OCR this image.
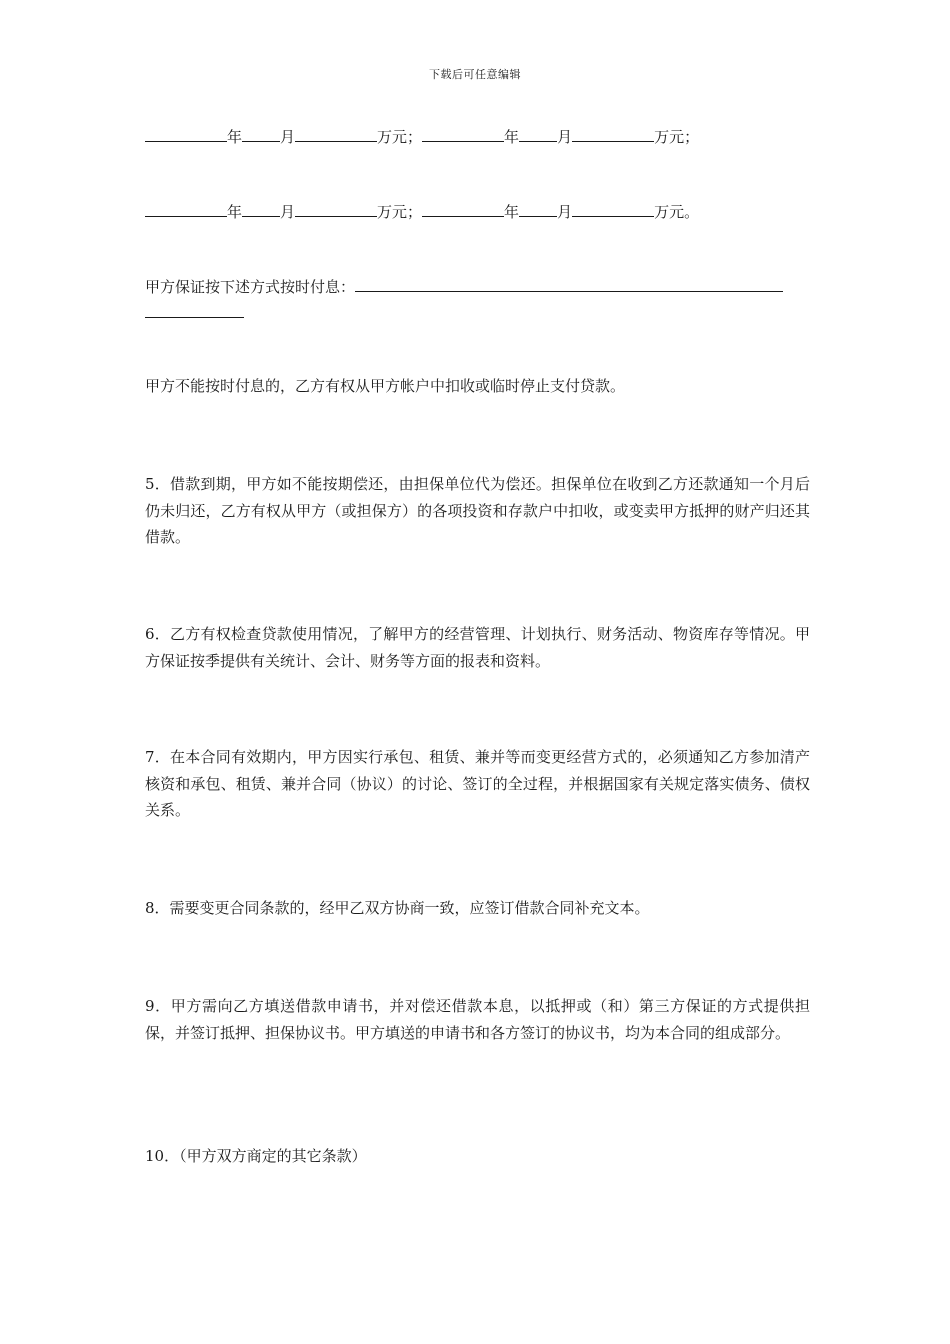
下载后可任意编辑
年	月	万元；	年	月	万元；
年	月	万元；	年	月	万元。
甲方保证按下述方式按时付息：
甲方不能按时付息的，乙方有权从甲方帐户中扣收或临时停止支付贷款。
5．借款到期，甲方如不能按期偿还，由担保单位代为偿还。担保单位在收到乙方还款通知一个月后仍未归还，乙方有权从甲方（或担保方）的各项投资和存款户中扣收，或变卖甲方抵押的财产归还其借款。
6．乙方有权检查贷款使用情况，了解甲方的经营管理、计划执行、财务活动、物资库存等情况。甲方保证按季提供有关统计、会计、财务等方面的报表和资料。
7．在本合同有效期内，甲方因实行承包、租赁、兼并等而变更经营方式的，必须通知乙方参加清产核资和承包、租赁、兼并合同（协议）的讨论、签订的全过程，并根据国家有关规定落实债务、债权关系。
8．需要变更合同条款的，经甲乙双方协商一致，应签订借款合同补充文本。
9．甲方需向乙方填送借款申请书，并对偿还借款本息，以抵押或（和）第三方保证的方式提供担保，并签订抵押、担保协议书。甲方填送的申请书和各方签订的协议书，均为本合同的组成部分。
10．（甲方双方商定的其它条款）
